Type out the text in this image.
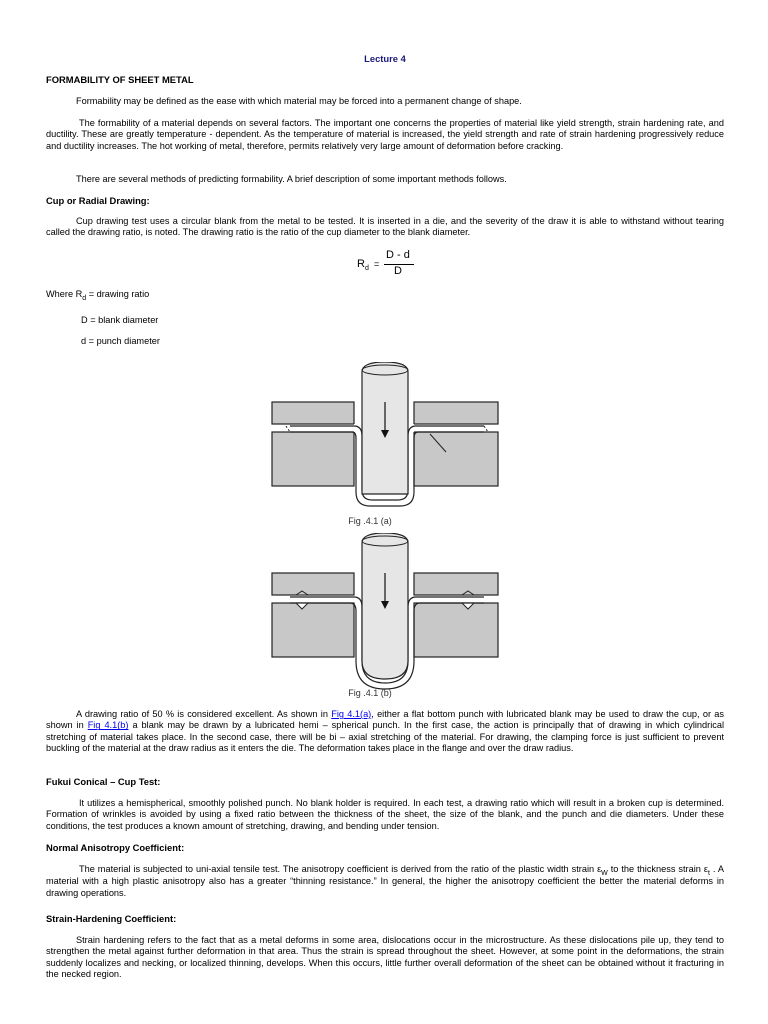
Lecture 4
FORMABILITY OF SHEET METAL
Formability may be defined as the ease with which material may be forced into a permanent change of shape.
The formability of a material depends on several factors. The important one concerns the properties of material like yield strength, strain hardening rate, and ductility. These are greatly temperature - dependent. As the temperature of material is increased, the yield strength and rate of strain hardening progressively reduce and ductility increases. The hot working of metal, therefore, permits relatively very large amount of deformation before cracking.
There are several methods of predicting formability. A brief description of some important methods follows.
Cup or Radial Drawing:
Cup drawing test uses a circular blank from the metal to be tested. It is inserted in a die, and the severity of the draw it is able to withstand without tearing called the drawing ratio, is noted. The drawing ratio is the ratio of the cup diameter to the blank diameter.
$R_d$ =
D - d
D
Where $R_d$ = drawing ratio
D = blank diameter
d = punch diameter
Fig .4.1 (a)
Fig .4.1 (b)
A drawing ratio of 50 % is considered excellent. As shown in Fig 4.1(a), either a flat bottom punch with lubricated blank may be used to draw the cup, or as shown in Fig 4.1(b) a blank may be drawn by a lubricated hemi – spherical punch. In the first case, the action is principally that of drawing in which cylindrical stretching of material takes place. In the second case, there will be bi – axial stretching of the material. For drawing, the clamping force is just sufficient to prevent buckling of the material at the draw radius as it enters the die. The deformation takes place in the flange and over the draw radius.
Fukui Conical – Cup Test:
It utilizes a hemispherical, smoothly polished punch. No blank holder is required. In each test, a drawing ratio which will result in a broken cup is determined. Formation of wrinkles is avoided by using a fixed ratio between the thickness of the sheet, the size of the blank, and the punch and die diameters. Under these conditions, the test produces a known amount of stretching, drawing, and bending under tension.
Normal Anisotropy Coefficient:
The material is subjected to uni-axial tensile test. The anisotropy coefficient is derived from the ratio of the plastic width strain $\varepsilon_W$ to the thickness strain $\varepsilon_t$ . A material with a high plastic anisotropy also has a greater “thinning resistance.” In general, the higher the anisotropy coefficient the better the material deforms in drawing operations.
Strain-Hardening Coefficient:
Strain hardening refers to the fact that as a metal deforms in some area, dislocations occur in the microstructure. As these dislocations pile up, they tend to strengthen the metal against further deformation in that area. Thus the strain is spread throughout the sheet. However, at some point in the deformations, the strain suddenly localizes and necking, or localized thinning, develops. When this occurs, little further overall deformation of the sheet can be obtained without it fracturing in the necked region.
